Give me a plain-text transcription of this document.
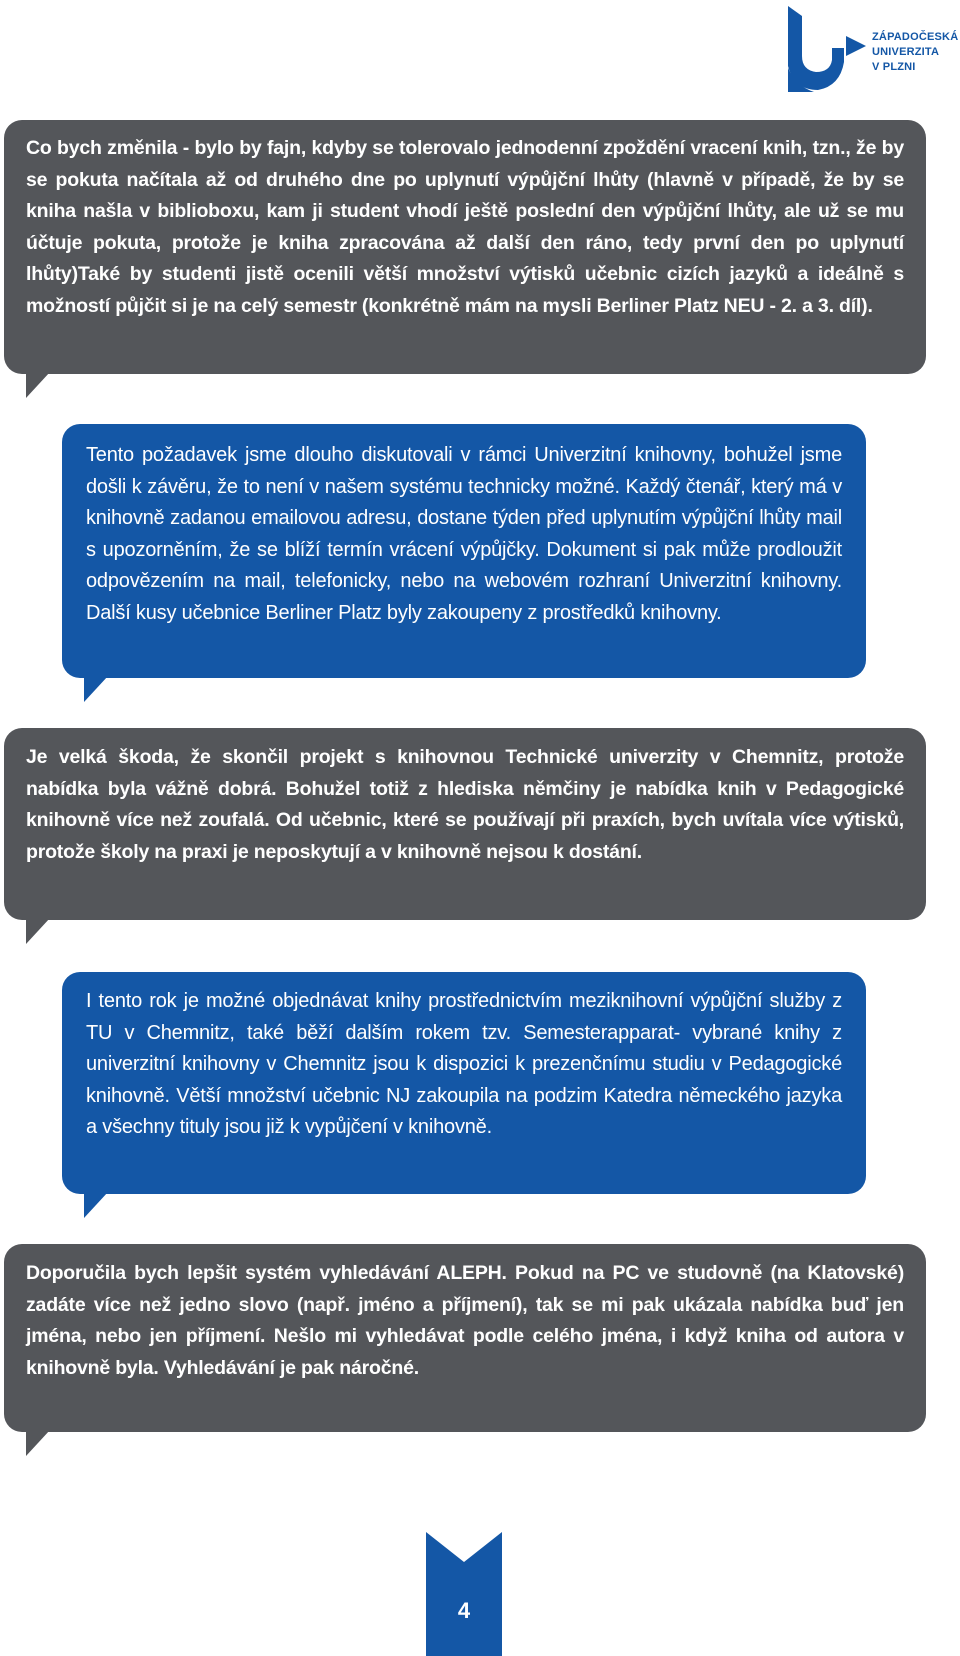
ZÁPADOČESKÁ
UNIVERZITA
V PLZNI

Co bych změnila - bylo by fajn, kdyby se tolerovalo jednodenní zpoždění vracení knih, tzn., že by se pokuta načítala až od druhého dne po uplynutí výpůjční lhůty (hlavně v případě, že by se kniha našla v biblioboxu, kam ji student vhodí ještě poslední den výpůjční lhůty, ale už se mu účtuje pokuta, protože je kniha zpracována až další den ráno, tedy první den po uplynutí lhůty)Také by studenti jistě ocenili větší množství výtisků učebnic cizích jazyků a ideálně s možností půjčit si je na celý semestr (konkrétně mám na mysli Berliner Platz NEU - 2. a 3. díl).

Tento požadavek jsme dlouho diskutovali v rámci Univerzitní knihovny, bohužel jsme došli k závěru, že to není v našem systému technicky možné. Každý čtenář, který má v knihovně zadanou emailovou adresu, dostane týden před uplynutím výpůjční lhůty mail s upozorněním, že se blíží termín vrácení výpůjčky. Dokument si pak může prodloužit odpovězením na mail, telefonicky, nebo na webovém rozhraní Univerzitní knihovny. Další kusy učebnice Berliner Platz byly zakoupeny z prostředků knihovny.

Je velká škoda, že skončil projekt s knihovnou Technické univerzity v Chemnitz, protože nabídka byla vážně dobrá. Bohužel totiž z hlediska němčiny je nabídka knih v Pedagogické knihovně více než zoufalá. Od učebnic, které se používají při praxích, bych uvítala více výtisků, protože školy na praxi je neposkytují a v knihovně nejsou k dostání.

I tento rok je možné objednávat knihy prostřednictvím meziknihovní výpůjční služby z TU v Chemnitz, také běží dalším rokem tzv. Semesterapparat- vybrané knihy z univerzitní knihovny v Chemnitz jsou k dispozici k prezenčnímu studiu v Pedagogické knihovně. Větší množství učebnic NJ zakoupila na podzim Katedra německého jazyka a všechny tituly jsou již k vypůjčení v knihovně.

Doporučila bych lepšit systém vyhledávání ALEPH. Pokud na PC ve studovně (na Klatovské) zadáte více než jedno slovo (např. jméno a příjmení), tak se mi pak ukázala nabídka buď jen jména, nebo jen příjmení. Nešlo mi vyhledávat podle celého jména, i když kniha od autora v knihovně byla. Vyhledávání je pak náročné.

4
